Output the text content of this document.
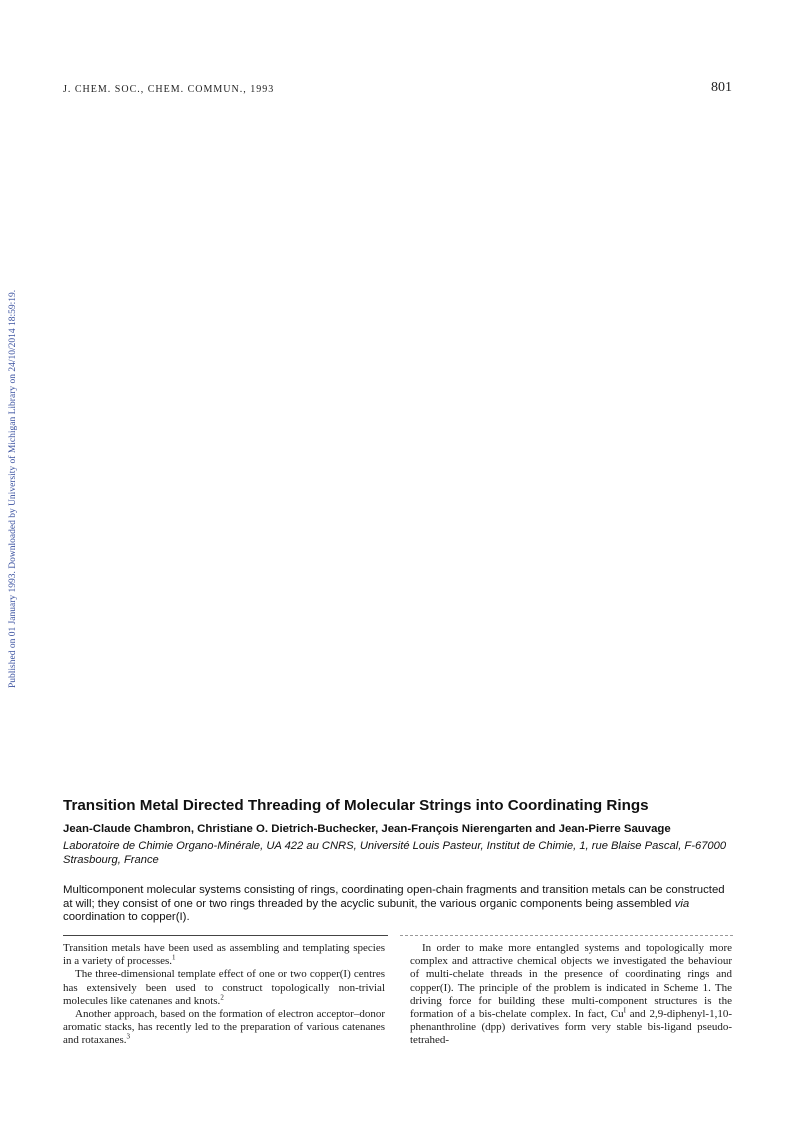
J. CHEM. SOC., CHEM. COMMUN., 1993	801
Published on 01 January 1993. Downloaded by University of Michigan Library on 24/10/2014 18:59:19.
Transition Metal Directed Threading of Molecular Strings into Coordinating Rings
Jean-Claude Chambron, Christiane O. Dietrich-Buchecker, Jean-François Nierengarten and Jean-Pierre Sauvage
Laboratoire de Chimie Organo-Minérale, UA 422 au CNRS, Université Louis Pasteur, Institut de Chimie, 1, rue Blaise Pascal, F-67000 Strasbourg, France
Multicomponent molecular systems consisting of rings, coordinating open-chain fragments and transition metals can be constructed at will; they consist of one or two rings threaded by the acyclic subunit, the various organic components being assembled via coordination to copper(I).

Transition metals have been used as assembling and templating species in a variety of processes.$^1$

The three-dimensional template effect of one or two copper(I) centres has extensively been used to construct topologically non-trivial molecules like catenanes and knots.$^2$

Another approach, based on the formation of electron acceptor–donor aromatic stacks, has recently led to the preparation of various catenanes and rotaxanes.$^3$

In order to make more entangled systems and topologically more complex and attractive chemical objects we investigated the behaviour of multi-chelate threads in the presence of coordinating rings and copper(I). The principle of the problem is indicated in Scheme 1. The driving force for building these multi-component structures is the formation of a bis-chelate complex. In fact, $Cu^I$ and 2,9-diphenyl-1,10-phenanthroline (dpp) derivatives form very stable bis-ligand pseudo-tetrahed-
